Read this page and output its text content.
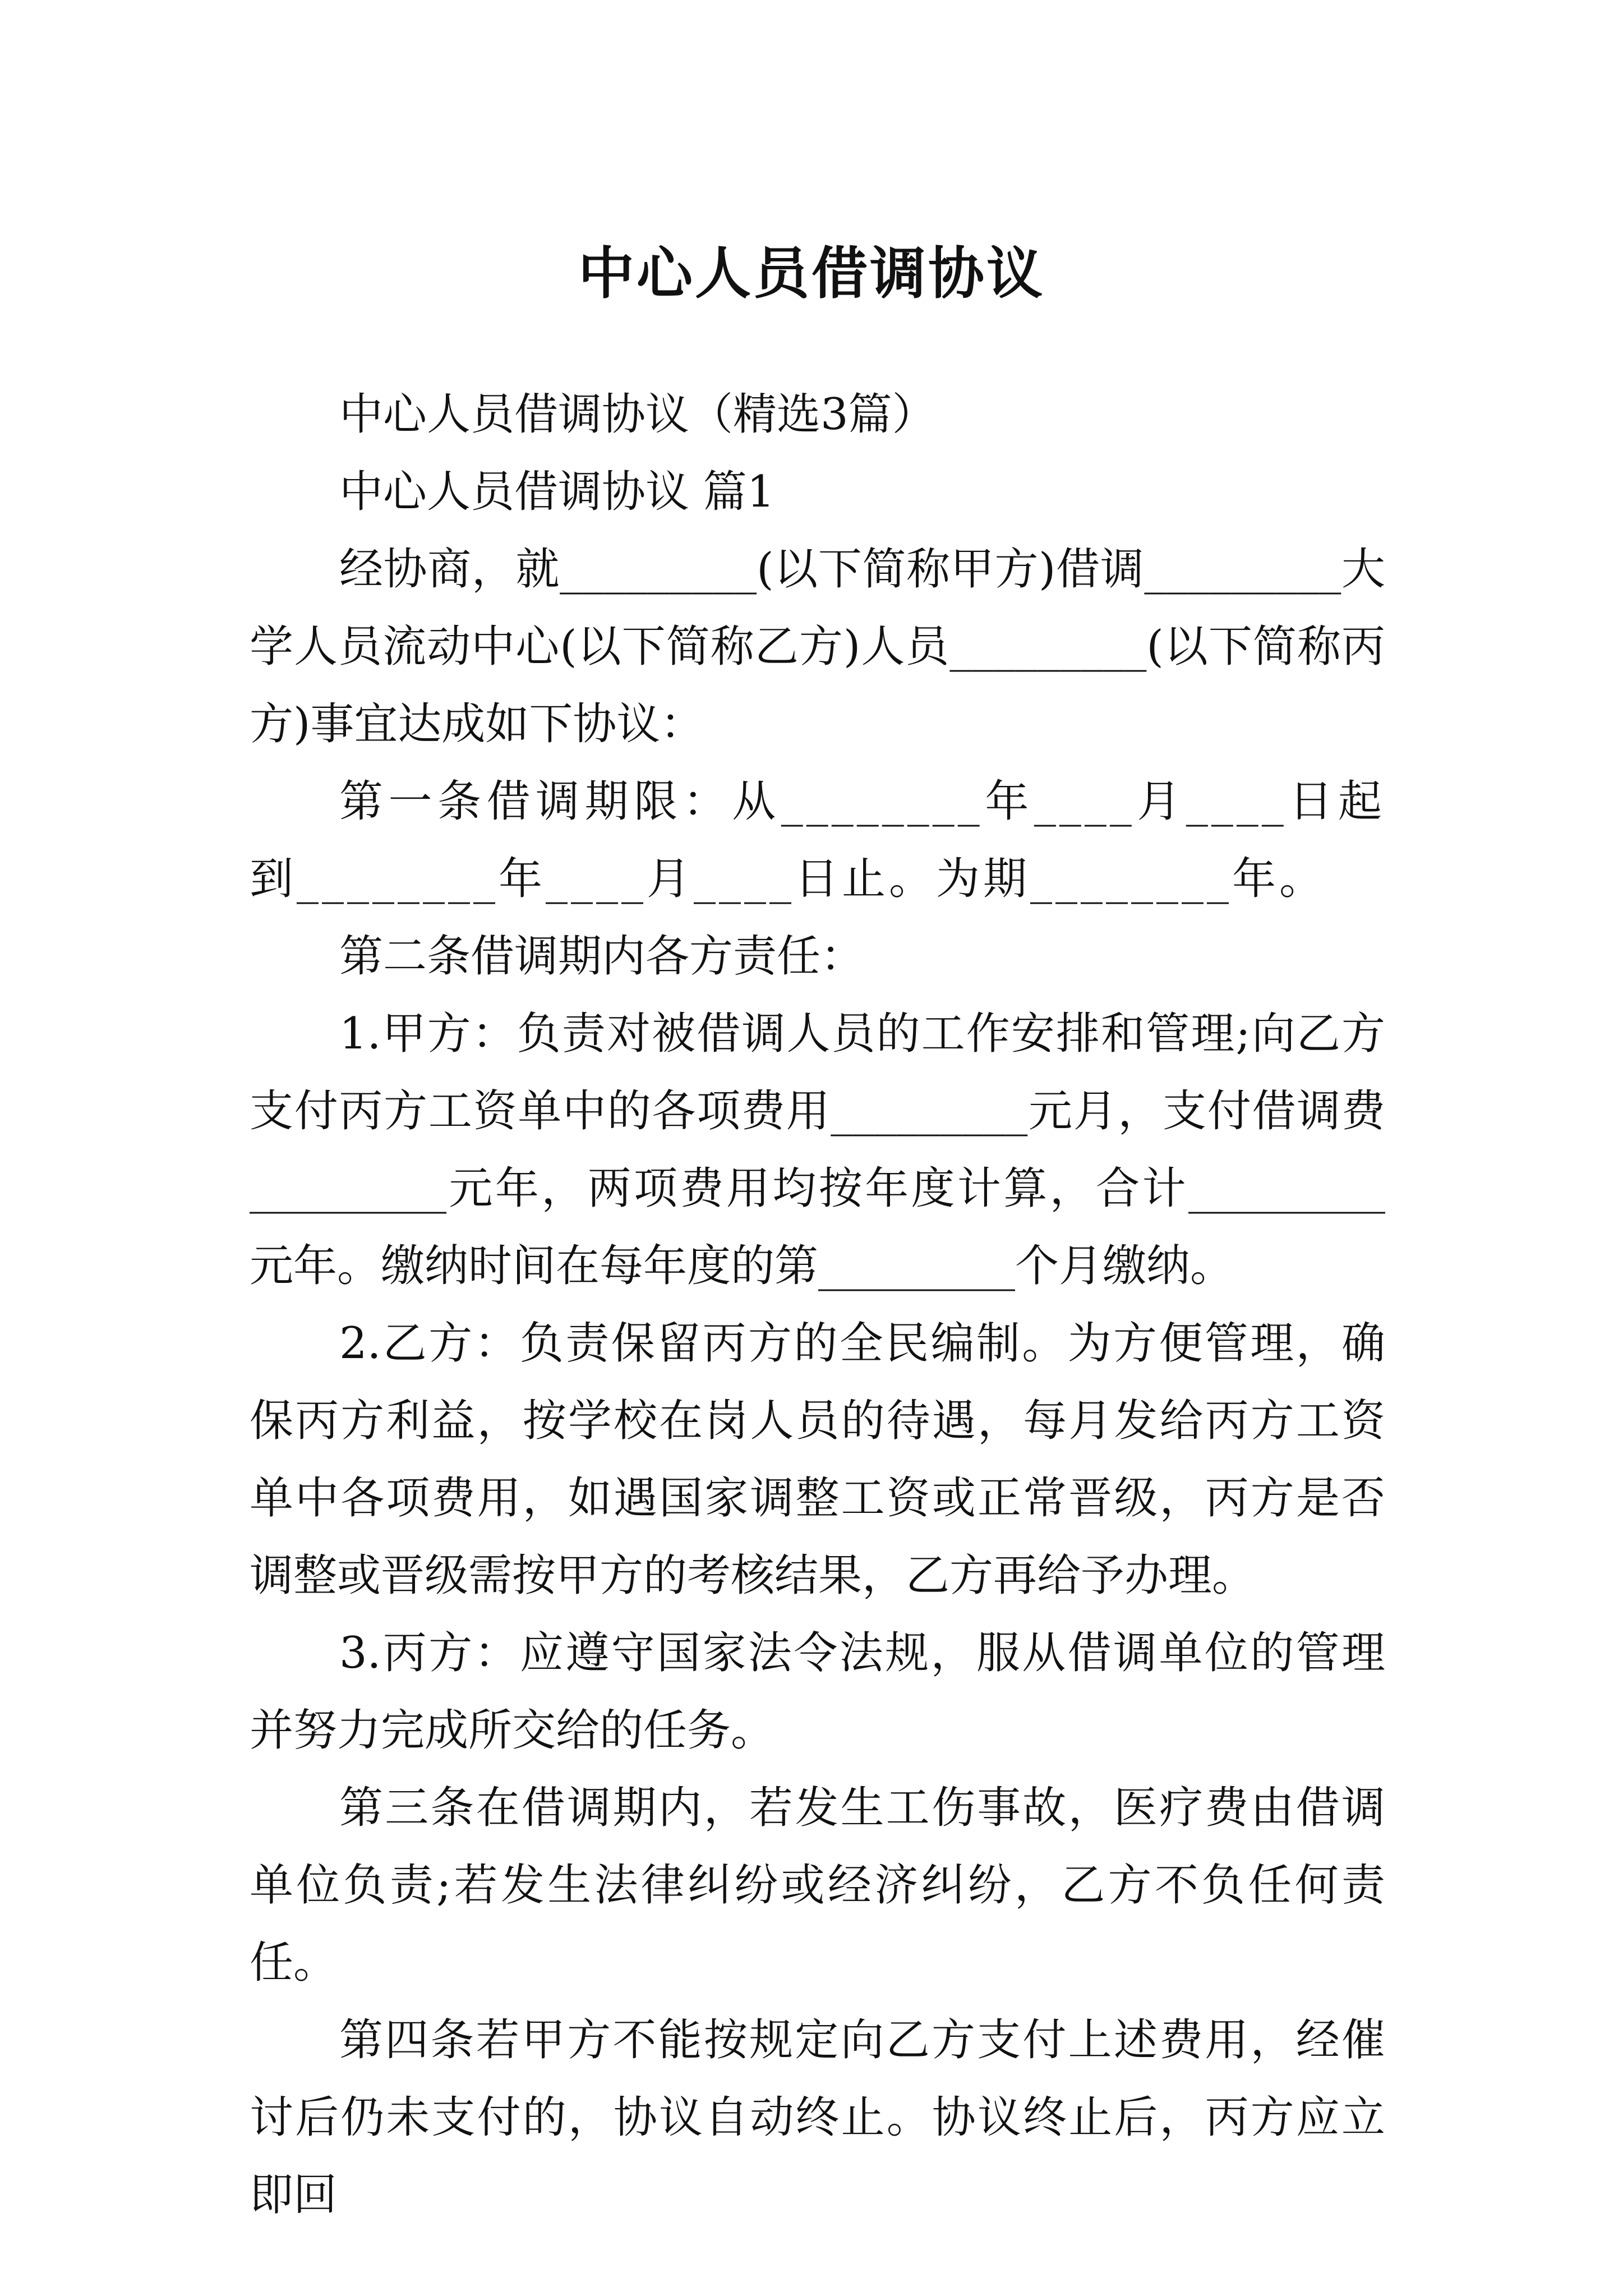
中心人员借调协议

中心人员借调协议（精选3篇）

中心人员借调协议 篇1

经协商，就_________(以下简称甲方)借调_________大学人员流动中心(以下简称乙方)人员_________(以下简称丙方)事宜达成如下协议：

第一条借调期限：从________年____月____日起到________年____月____日止。为期________年。

第二条借调期内各方责任：

1.甲方：负责对被借调人员的工作安排和管理;向乙方支付丙方工资单中的各项费用_________元月，支付借调费_________元年，两项费用均按年度计算，合计_________元年。缴纳时间在每年度的第_________个月缴纳。

2.乙方：负责保留丙方的全民编制。为方便管理，确保丙方利益，按学校在岗人员的待遇，每月发给丙方工资单中各项费用，如遇国家调整工资或正常晋级，丙方是否调整或晋级需按甲方的考核结果，乙方再给予办理。

3.丙方：应遵守国家法令法规，服从借调单位的管理并努力完成所交给的任务。

第三条在借调期内，若发生工伤事故，医疗费由借调单位负责;若发生法律纠纷或经济纠纷，乙方不负任何责任。

第四条若甲方不能按规定向乙方支付上述费用，经催讨后仍未支付的，协议自动终止。协议终止后，丙方应立即回
